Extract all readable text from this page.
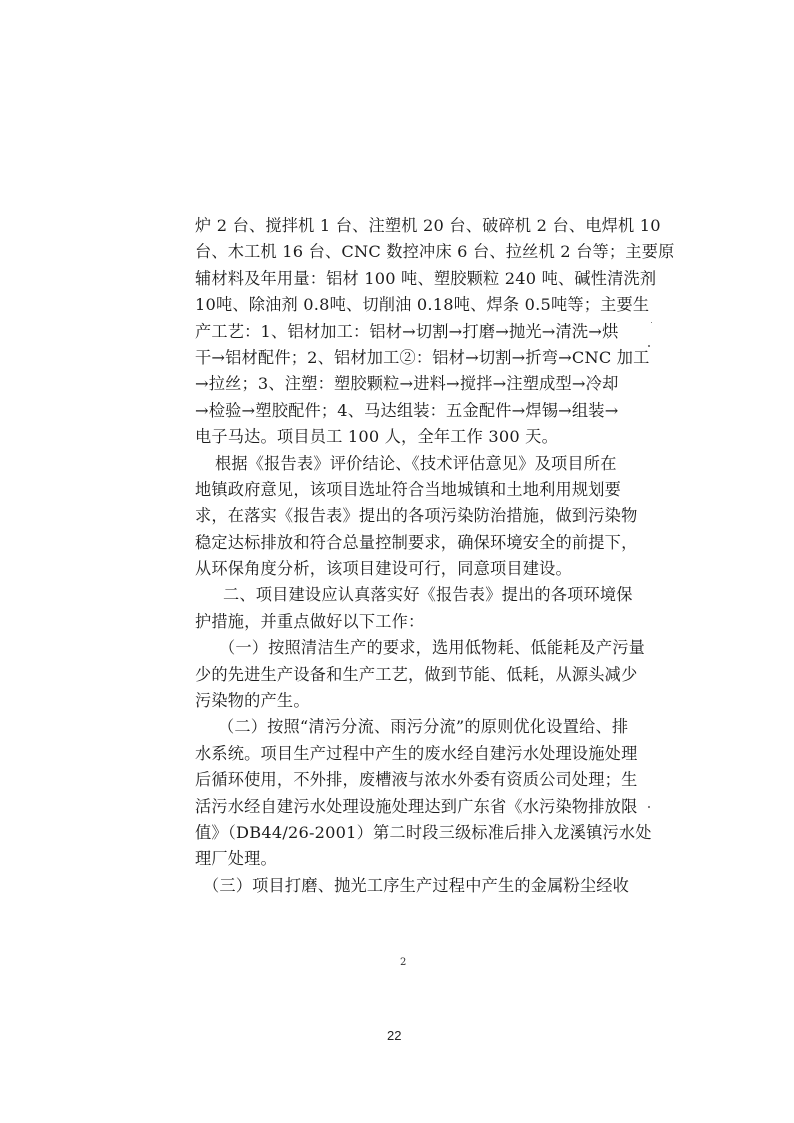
炉 2 台、搅拌机 1 台、注塑机 20 台、破碎机 2 台、电焊机 10
台、木工机 16 台、CNC 数控冲床 6 台、拉丝机 2 台等；主要原
辅材料及年用量：铝材 100 吨、塑胶颗粒 240 吨、碱性清洗剂
10吨、除油剂 0.8吨、切削油 0.18吨、焊条 0.5吨等；主要生
产工艺：1、铝材加工：铝材→切割→打磨→抛光→清洗→烘
干→铝材配件；2、铝材加工②：铝材→切割→折弯→CNC 加工
→拉丝；3、注塑：塑胶颗粒→进料→搅拌→注塑成型→冷却
→检验→塑胶配件；4、马达组装：五金配件→焊锡→组装→
电子马达。项目员工 100 人，全年工作 300 天。
根据《报告表》评价结论、《技术评估意见》及项目所在
地镇政府意见，该项目选址符合当地城镇和土地利用规划要
求，在落实《报告表》提出的各项污染防治措施，做到污染物
稳定达标排放和符合总量控制要求，确保环境安全的前提下，
从环保角度分析，该项目建设可行，同意项目建设。
二、项目建设应认真落实好《报告表》提出的各项环境保
护措施，并重点做好以下工作：
（一）按照清洁生产的要求，选用低物耗、低能耗及产污量
少的先进生产设备和生产工艺，做到节能、低耗，从源头减少
污染物的产生。
（二）按照“清污分流、雨污分流”的原则优化设置给、排
水系统。项目生产过程中产生的废水经自建污水处理设施处理
后循环使用，不外排，废槽液与浓水外委有资质公司处理；生
活污水经自建污水处理设施处理达到广东省《水污染物排放限
值》（DB44/26-2001）第二时段三级标准后排入龙溪镇污水处
理厂处理。
（三）项目打磨、抛光工序生产过程中产生的金属粉尘经收
2
22
